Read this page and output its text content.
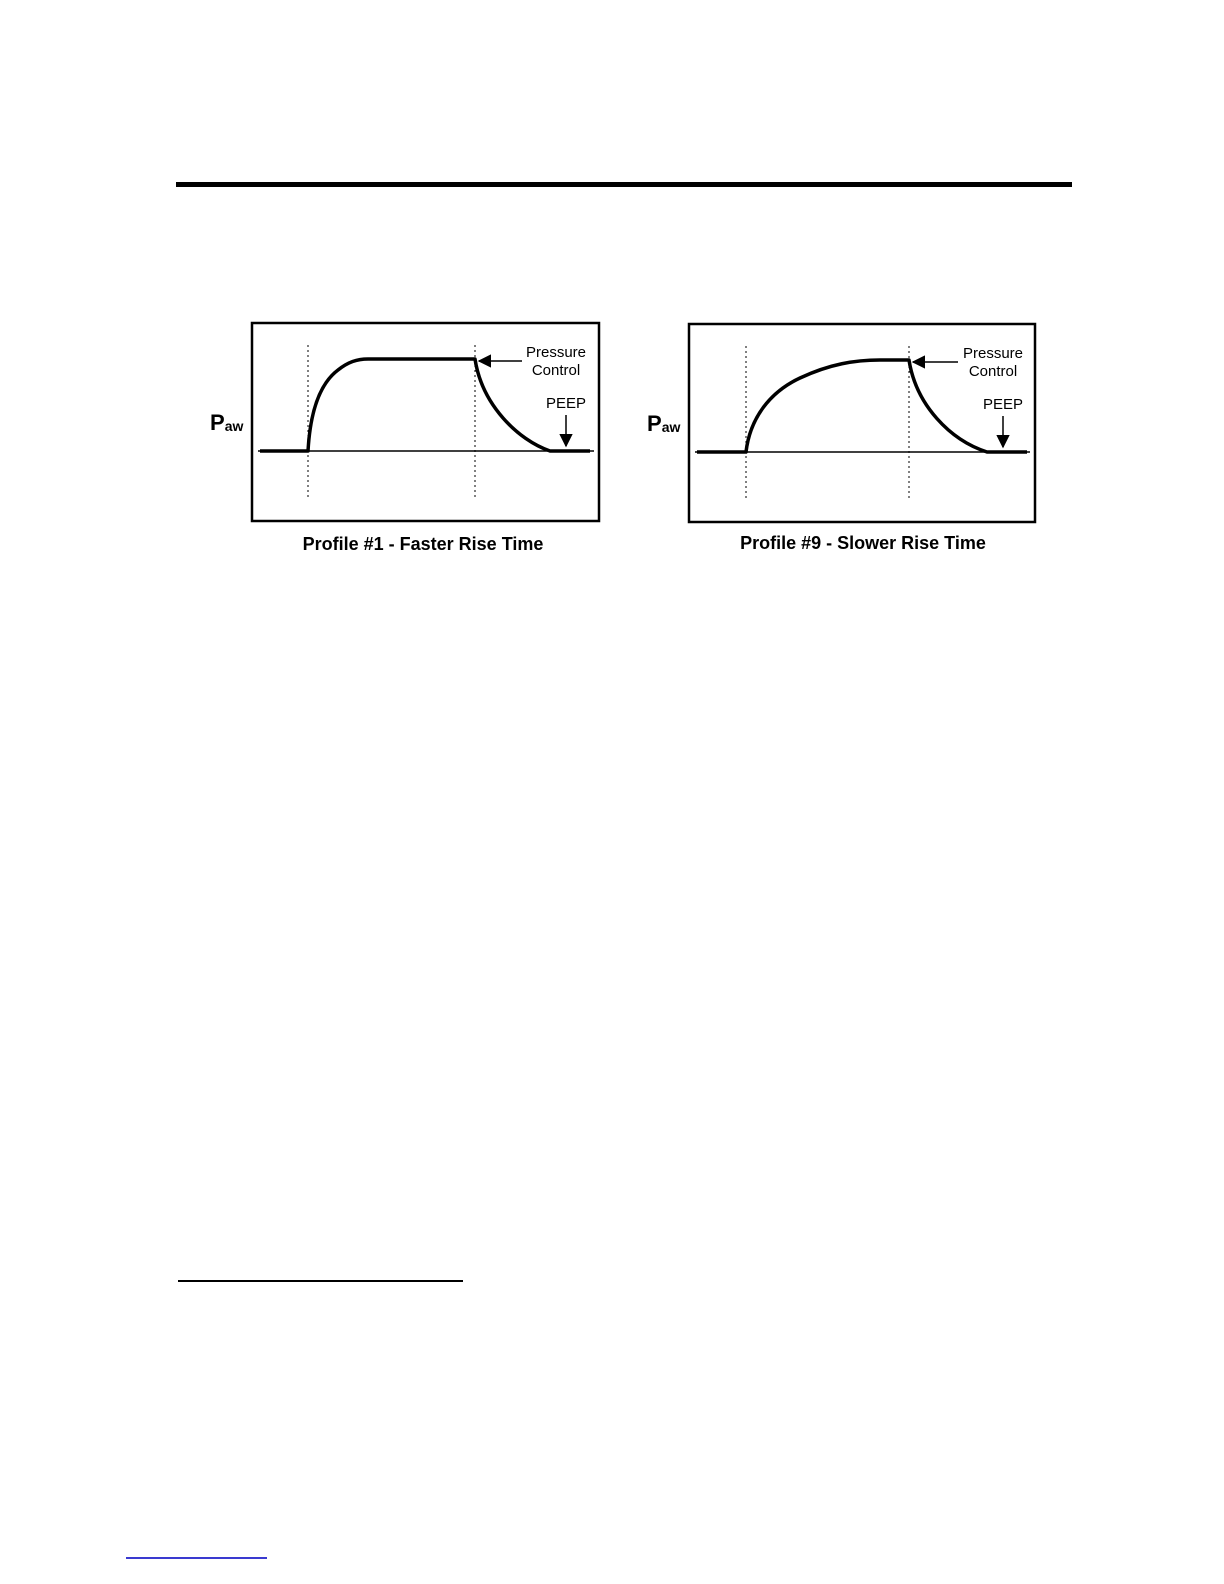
Paw
Pressure
Control
PEEP
Profile #1 - Faster Rise Time
Paw
Pressure
Control
PEEP
Profile #9 - Slower Rise Time
